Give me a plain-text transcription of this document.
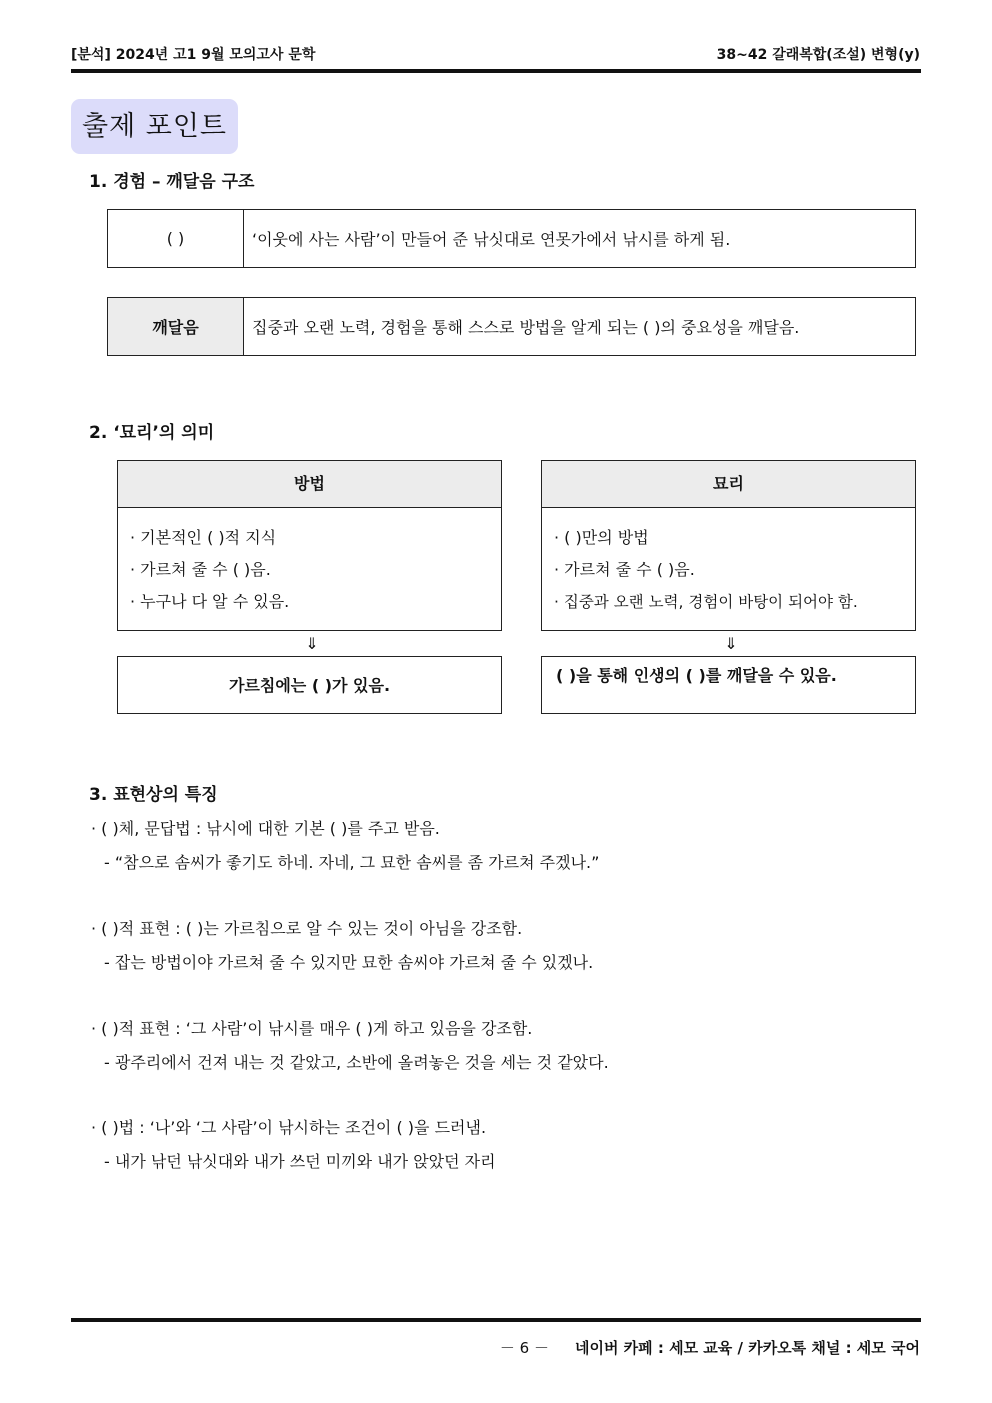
[분석] 2024년 고1 9월 모의고사 문학	38~42 갈래복합(조설) 변형(y)
출제 포인트
1. 경험 – 깨달음 구조
( )	‘이웃에 사는 사람’이 만들어 준 낚싯대로 연못가에서 낚시를 하게 됨.
깨달음	집중과 오랜 노력, 경험을 통해 스스로 방법을 알게 되는 ( )의 중요성을 깨달음.
2. ‘묘리’의 의미
방법
· 기본적인 ( )적 지식
· 가르쳐 줄 수 ( )음.
· 누구나 다 알 수 있음.
⇓
가르침에는 ( )가 있음.
묘리
· ( )만의 방법
· 가르쳐 줄 수 ( )음.
· 집중과 오랜 노력, 경험이 바탕이 되어야 함.
⇓
( )을 통해 인생의 ( )를 깨달을 수 있음.
3. 표현상의 특징
· ( )체, 문답법 : 낚시에 대한 기본 ( )를 주고 받음.
- “참으로 솜씨가 좋기도 하네. 자네, 그 묘한 솜씨를 좀 가르쳐 주겠나.”
· ( )적 표현 : ( )는 가르침으로 알 수 있는 것이 아님을 강조함.
- 잡는 방법이야 가르쳐 줄 수 있지만 묘한 솜씨야 가르쳐 줄 수 있겠나.
· ( )적 표현 : ‘그 사람’이 낚시를 매우 ( )게 하고 있음을 강조함.
- 광주리에서 건져 내는 것 같았고, 소반에 올려놓은 것을 세는 것 같았다.
· ( )법 : ‘나’와 ‘그 사람’이 낚시하는 조건이 ( )을 드러냄.
- 내가 낚던 낚싯대와 내가 쓰던 미끼와 내가 앉았던 자리
－ 6 － 네이버 카페 : 세모 교육 / 카카오톡 채널 : 세모 국어
